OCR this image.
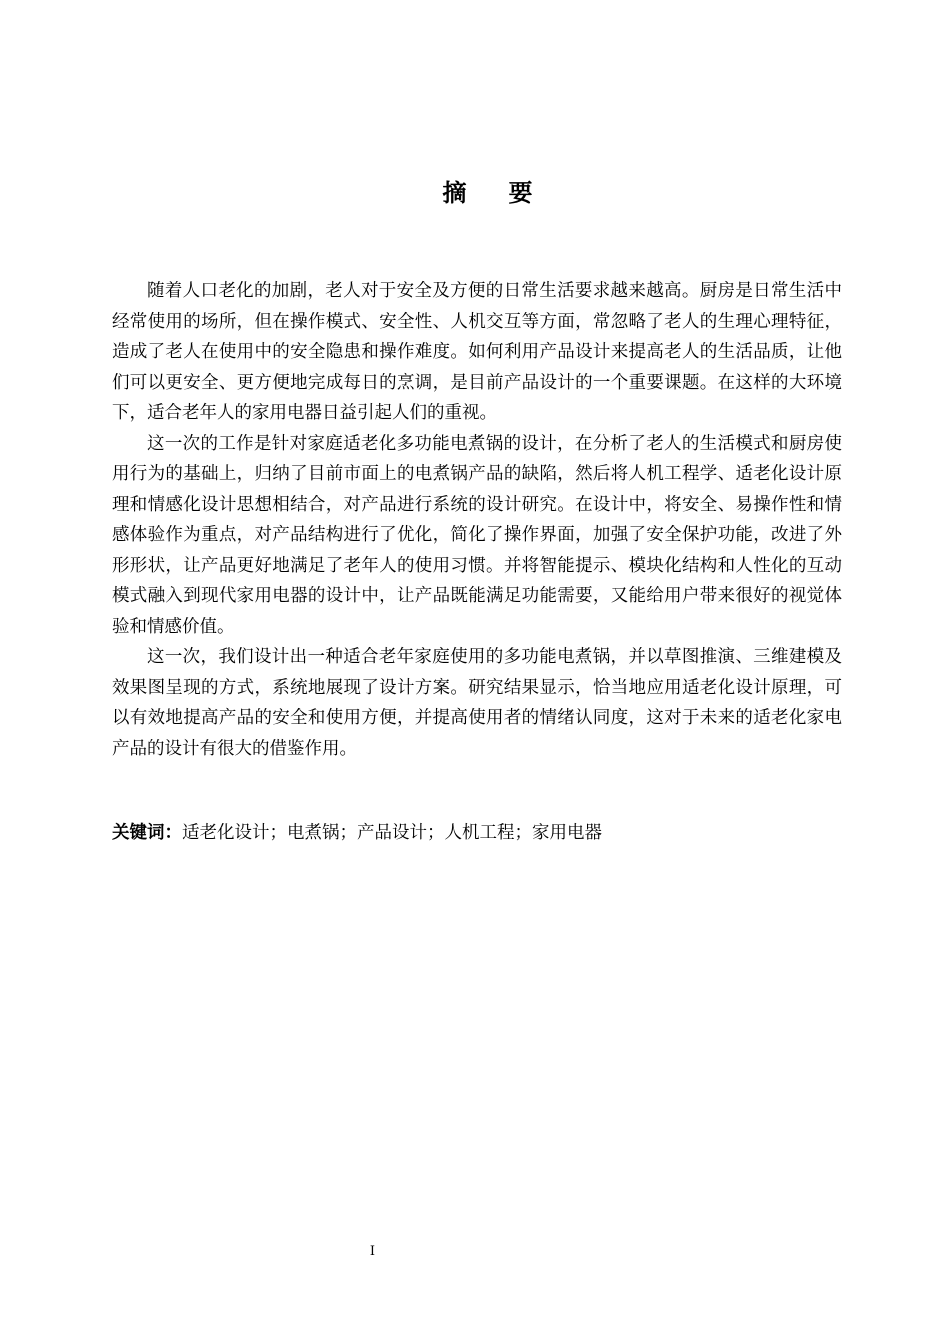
摘 要

随着人口老化的加剧，老人对于安全及方便的日常生活要求越来越高。厨房是日常生活中经常使用的场所，但在操作模式、安全性、人机交互等方面，常忽略了老人的生理心理特征，造成了老人在使用中的安全隐患和操作难度。如何利用产品设计来提高老人的生活品质，让他们可以更安全、更方便地完成每日的烹调，是目前产品设计的一个重要课题。在这样的大环境下，适合老年人的家用电器日益引起人们的重视。

这一次的工作是针对家庭适老化多功能电煮锅的设计，在分析了老人的生活模式和厨房使用行为的基础上，归纳了目前市面上的电煮锅产品的缺陷，然后将人机工程学、适老化设计原理和情感化设计思想相结合，对产品进行系统的设计研究。在设计中，将安全、易操作性和情感体验作为重点，对产品结构进行了优化，简化了操作界面，加强了安全保护功能，改进了外形形状，让产品更好地满足了老年人的使用习惯。并将智能提示、模块化结构和人性化的互动模式融入到现代家用电器的设计中，让产品既能满足功能需要，又能给用户带来很好的视觉体验和情感价值。

这一次，我们设计出一种适合老年家庭使用的多功能电煮锅，并以草图推演、三维建模及效果图呈现的方式，系统地展现了设计方案。研究结果显示，恰当地应用适老化设计原理，可以有效地提高产品的安全和使用方便，并提高使用者的情绪认同度，这对于未来的适老化家电产品的设计有很大的借鉴作用。

关键词：适老化设计；电煮锅；产品设计；人机工程；家用电器
I
